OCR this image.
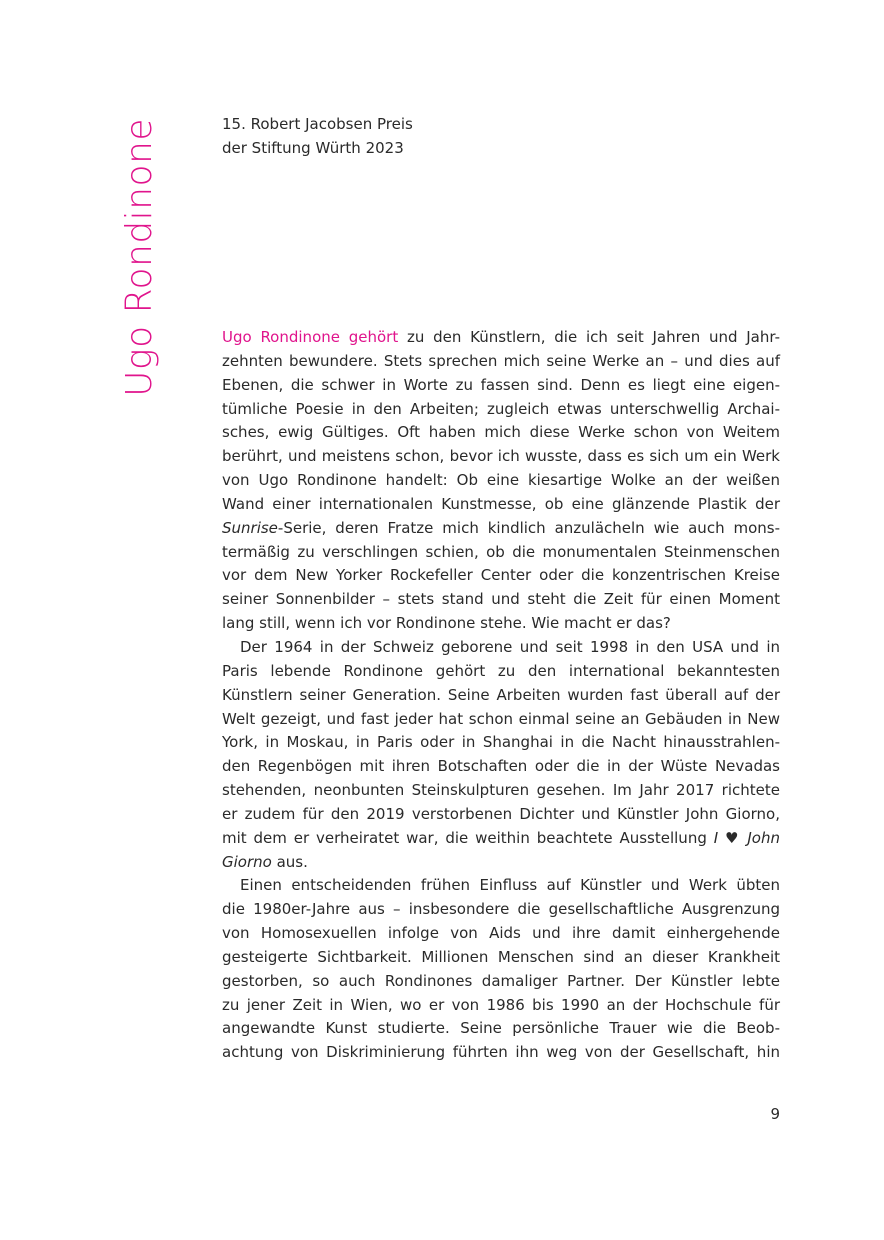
Ugo Rondinone	15. Robert Jacobsen Preis
der Stiftung Würth 2023
Ugo Rondinone gehört zu den Künstlern, die ich seit Jahren und Jahr-
zehnten bewundere. Stets sprechen mich seine Werke an – und dies auf
Ebenen, die schwer in Worte zu fassen sind. Denn es liegt eine eigen-
tümliche Poesie in den Arbeiten; zugleich etwas unterschwellig Archai-
sches, ewig Gültiges. Oft haben mich diese Werke schon von Weitem
berührt, und meistens schon, bevor ich wusste, dass es sich um ein Werk
von Ugo Rondinone handelt: Ob eine kiesartige Wolke an der weißen
Wand einer internationalen Kunstmesse, ob eine glänzende Plastik der
Sunrise-Serie, deren Fratze mich kindlich anzulächeln wie auch mons-
termäßig zu verschlingen schien, ob die monumentalen Steinmenschen
vor dem New Yorker Rockefeller Center oder die konzentrischen Kreise
seiner Sonnenbilder – stets stand und steht die Zeit für einen Moment
lang still, wenn ich vor Rondinone stehe. Wie macht er das?
Der 1964 in der Schweiz geborene und seit 1998 in den USA und in
Paris lebende Rondinone gehört zu den international bekanntesten
Künstlern seiner Generation. Seine Arbeiten wurden fast überall auf der
Welt gezeigt, und fast jeder hat schon einmal seine an Gebäuden in New
York, in Moskau, in Paris oder in Shanghai in die Nacht hinausstrahlen-
den Regenbögen mit ihren Botschaften oder die in der Wüste Nevadas
stehenden, neonbunten Steinskulpturen gesehen. Im Jahr 2017 richtete
er zudem für den 2019 verstorbenen Dichter und Künstler John Giorno,
mit dem er verheiratet war, die weithin beachtete Ausstellung I ♥ John
Giorno aus.
Einen entscheidenden frühen Einfluss auf Künstler und Werk übten
die 1980er-Jahre aus – insbesondere die gesellschaftliche Ausgrenzung
von Homosexuellen infolge von Aids und ihre damit einhergehende
gesteigerte Sichtbarkeit. Millionen Menschen sind an dieser Krankheit
gestorben, so auch Rondinones damaliger Partner. Der Künstler lebte
zu jener Zeit in Wien, wo er von 1986 bis 1990 an der Hochschule für
angewandte Kunst studierte. Seine persönliche Trauer wie die Beob-
achtung von Diskriminierung führten ihn weg von der Gesellschaft, hin
9
